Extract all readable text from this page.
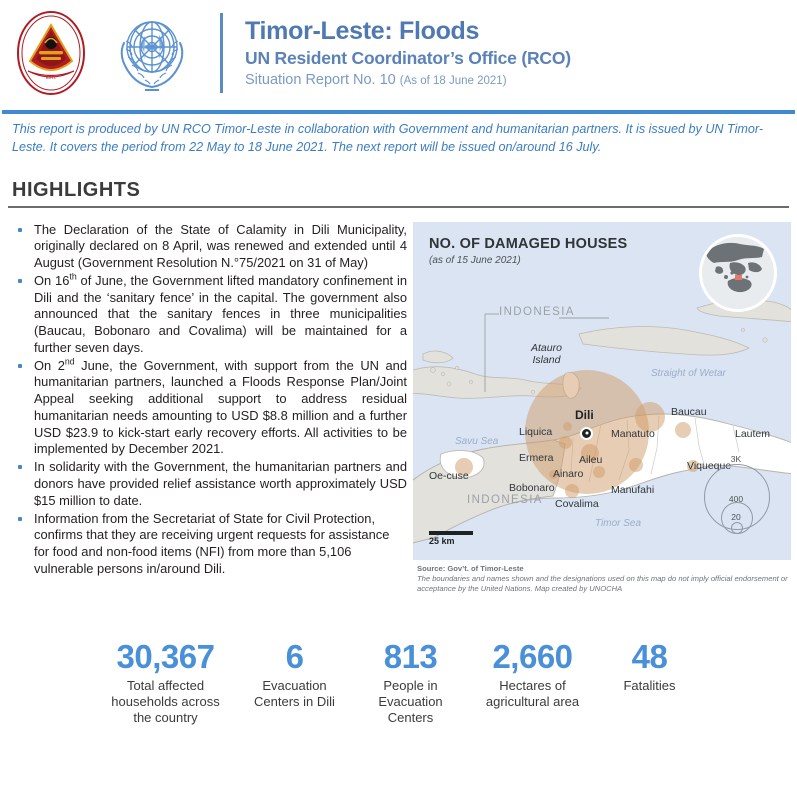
RDTL
Timor-Leste: Floods
UN Resident Coordinator’s Office (RCO)
Situation Report No. 10 (As of 18 June 2021)
This report is produced by UN RCO Timor-Leste in collaboration with Government and humanitarian partners. It is issued by UN Timor-Leste. It covers the period from 22 May to 18 June 2021. The next report will be issued on/around 16 July.
HIGHLIGHTS
The Declaration of the State of Calamity in Dili Municipality, originally declared on 8 April, was renewed and extended until 4 August (Government Resolution N.°75/2021 on 31 of May)
On 16th of June, the Government lifted mandatory confinement in Dili and the ‘sanitary fence’ in the capital. The government also announced that the sanitary fences in three municipalities (Baucau, Bobonaro and Covalima) will be maintained for a further seven days.
On 2nd June, the Government, with support from the UN and humanitarian partners, launched a Floods Response Plan/Joint Appeal seeking additional support to address residual humanitarian needs amounting to USD $8.8 million and a further USD $23.9 to kick-start early recovery efforts. All activities to be implemented by December 2021.
In solidarity with the Government, the humanitarian partners and donors have provided relief assistance worth approximately USD $15 million to date.
Information from the Secretariat of State for Civil Protection, confirms that they are receiving urgent requests for assistance for food and non-food items (NFI) from more than 5,106 vulnerable persons in/around Dili.
NO. OF DAMAGED HOUSES
(as of 15 June 2021)
INDONESIA
INDONESIA
Atauro
Island
Straight of Wetar
Savu Sea
Timor Sea
Dili
Liquica
Ermera
Ainaro
Aileu
Bobonaro
Covalima
Manufahi
Manatuto
Baucau
Viqueque
Lautem
Oe-cuse
3K
400
20
25 km
Source: Gov’t. of Timor-Leste
The boundaries and names shown and the designations used on this map do not imply official endorsement or acceptance by the United Nations. Map created by UNOCHA
30,367
Total affected households across the country
6
Evacuation Centers in Dili
813
People in Evacuation Centers
2,660
Hectares of agricultural area
48
Fatalities
